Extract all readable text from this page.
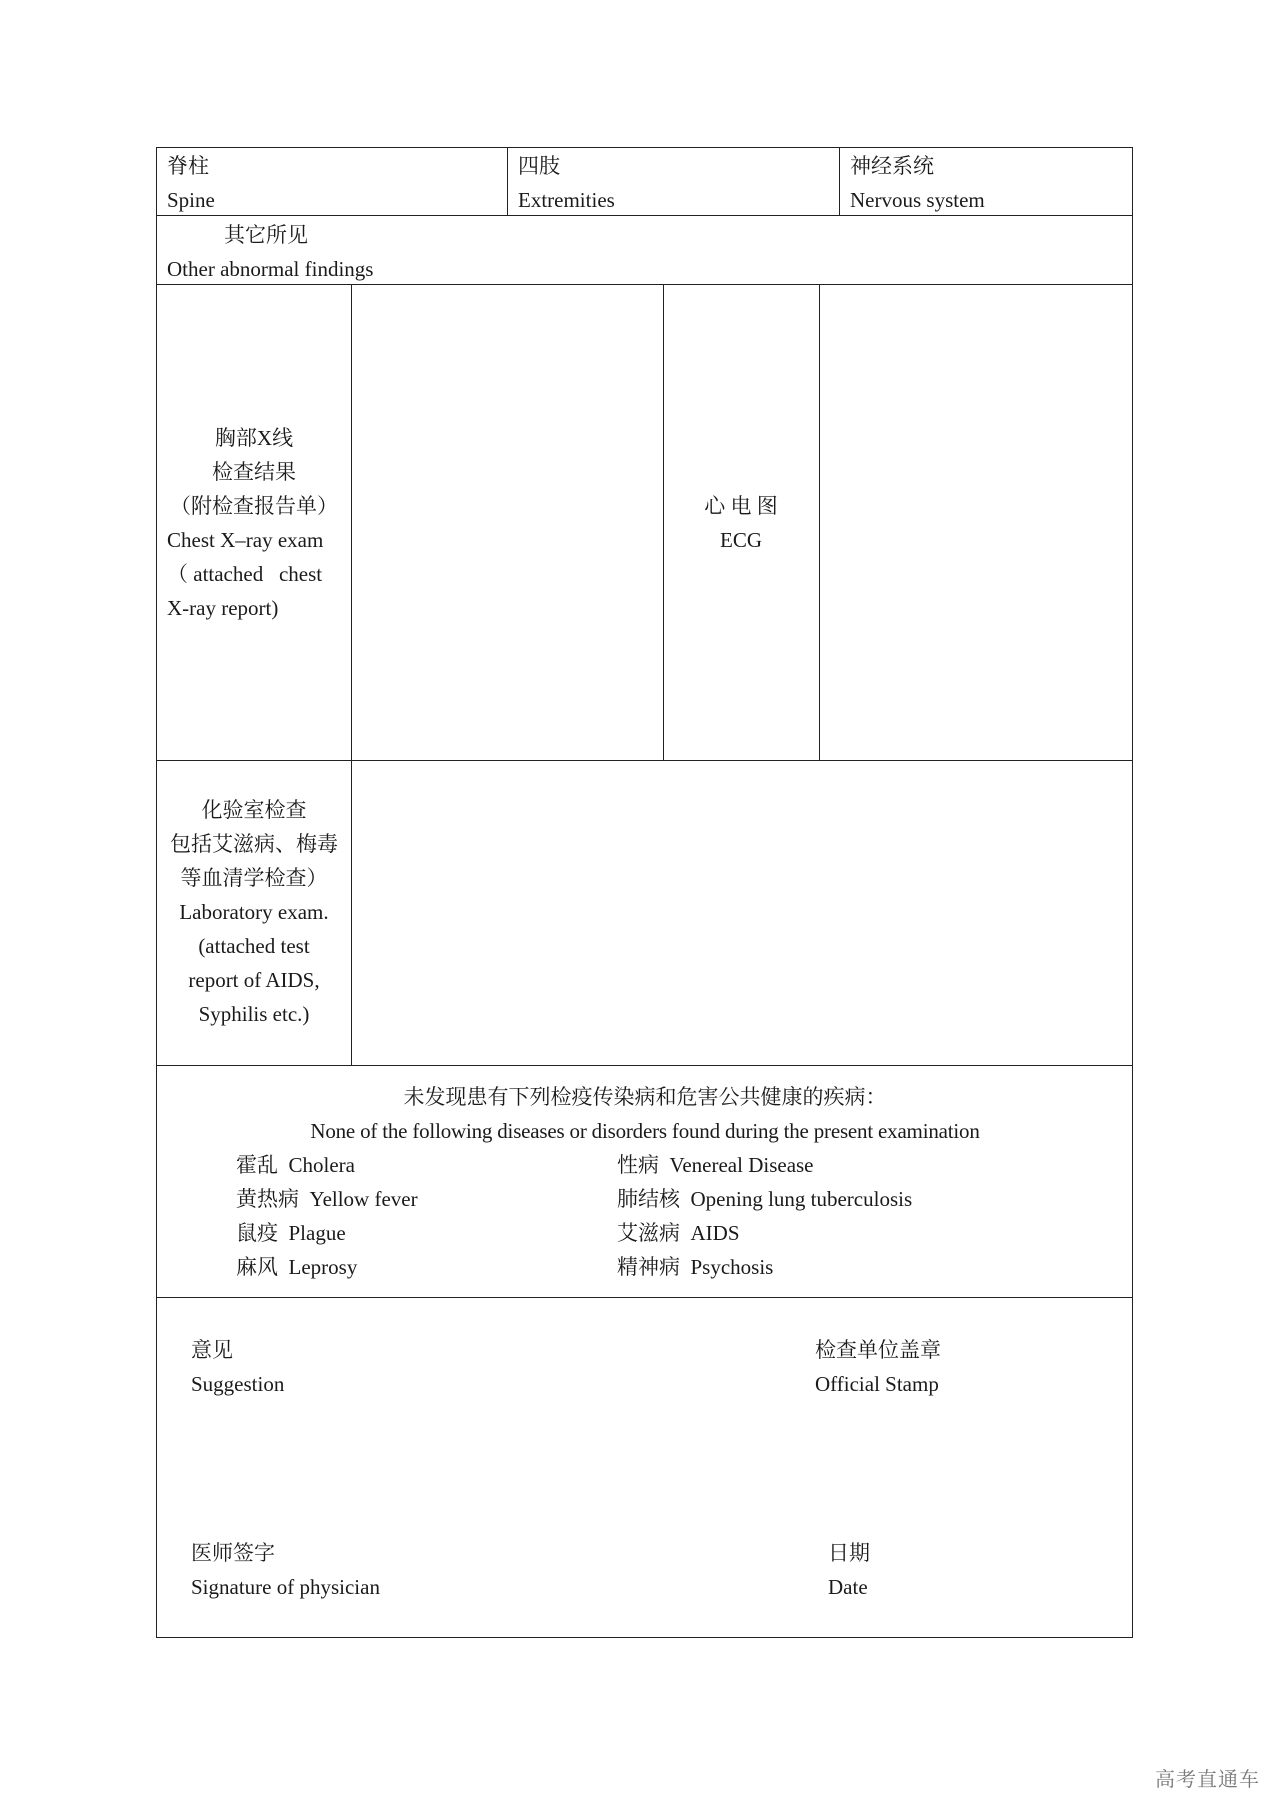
脊柱
Spine
四肢
Extremities
神经系统
Nervous system
其它所见
Other abnormal findings
胸部X线
检查结果
（附检查报告单）
Chest X–ray exam
（ attached   chest
X-ray report)
心 电 图
ECG
化验室检查
包括艾滋病、梅毒
等血清学检查）
Laboratory exam.
(attached test
report of AIDS,
Syphilis etc.)
未发现患有下列检疫传染病和危害公共健康的疾病：
None of the following diseases or disorders found during the present examination
霍乱 Cholera
黄热病 Yellow fever
鼠疫 Plague
麻风 Leprosy
性病 Venereal Disease
肺结核 Opening lung tuberculosis
艾滋病 AIDS
精神病 Psychosis
意见
Suggestion
检查单位盖章
Official Stamp
医师签字
Signature of physician
日期
Date
高考直通车
